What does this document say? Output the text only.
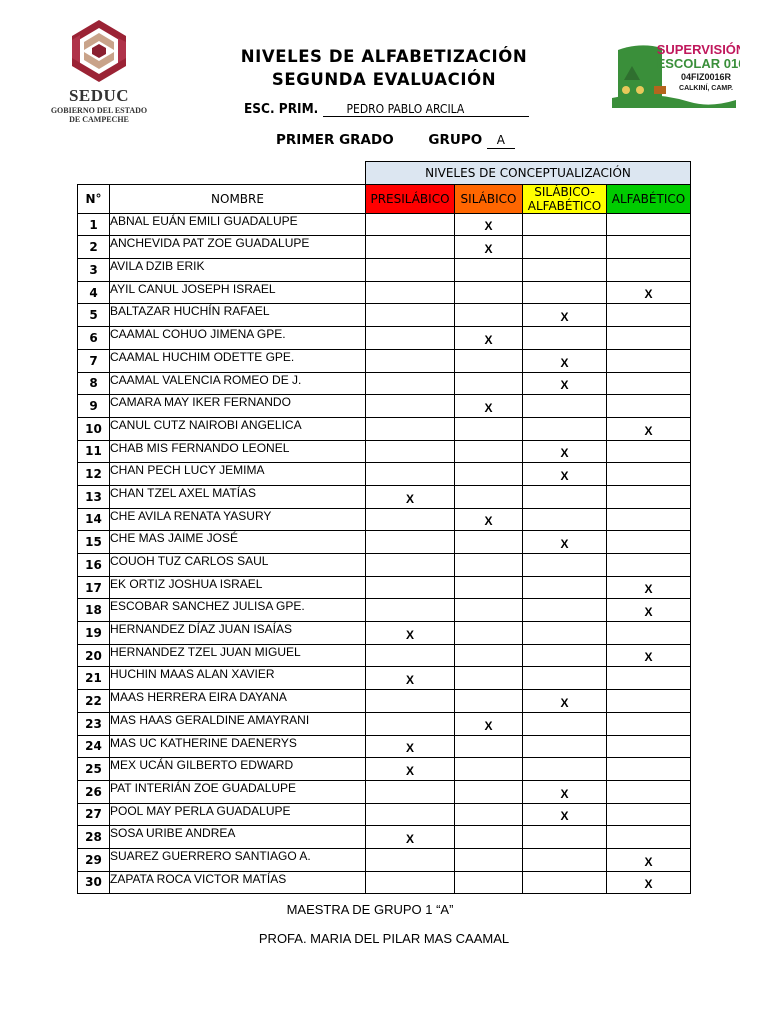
SEDUC
GOBIERNO DEL ESTADO
DE CAMPECHE
NIVELES DE ALFABETIZACIÓN
SEGUNDA EVALUACIÓN
ESC. PRIM. PEDRO PABLO ARCILA
PRIMER GRADO	GRUPO A
SUPERVISIÓN
ESCOLAR 016
04FIZ0016R
CALKINÍ, CAMP.
		NIVELES DE CONCEPTUALIZACIÓN			
N°	NOMBRE	PRESILÁBICO	SILÁBICO	SILÁBICO-ALFABÉTICO	ALFABÉTICO
1	ABNAL EUÁN EMILI GUADALUPE		X		
2	ANCHEVIDA PAT ZOE GUADALUPE		X		
3	AVILA DZIB ERIK				
4	AYIL CANUL JOSEPH ISRAEL				X
5	BALTAZAR HUCHÍN RAFAEL			X	
6	CAAMAL COHUO JIMENA GPE.		X		
7	CAAMAL HUCHIM ODETTE GPE.			X	
8	CAAMAL VALENCIA ROMEO DE J.			X	
9	CAMARA MAY IKER FERNANDO		X		
10	CANUL CUTZ NAIROBI ANGELICA				X
11	CHAB MIS FERNANDO LEONEL			X	
12	CHAN PECH LUCY JEMIMA			X	
13	CHAN TZEL AXEL MATÍAS	X			
14	CHE AVILA RENATA YASURY		X		
15	CHE MAS JAIME JOSÉ			X	
16	COUOH TUZ CARLOS SAUL				
17	EK ORTIZ JOSHUA ISRAEL				X
18	ESCOBAR SANCHEZ JULISA GPE.				X
19	HERNANDEZ DÍAZ JUAN ISAÍAS	X			
20	HERNANDEZ TZEL JUAN MIGUEL				X
21	HUCHIN MAAS ALAN XAVIER	X			
22	MAAS HERRERA EIRA DAYANA			X	
23	MAS HAAS GERALDINE AMAYRANI		X		
24	MAS UC KATHERINE DAENERYS	X			
25	MEX UCÁN GILBERTO EDWARD	X			
26	PAT INTERIÁN ZOE GUADALUPE			X	
27	POOL MAY PERLA GUADALUPE			X	
28	SOSA URIBE ANDREA	X			
29	SUAREZ GUERRERO SANTIAGO A.				X
30	ZAPATA ROCA VICTOR MATÍAS				X
MAESTRA DE GRUPO 1 “A”
PROFA. MARIA DEL PILAR MAS CAAMAL
